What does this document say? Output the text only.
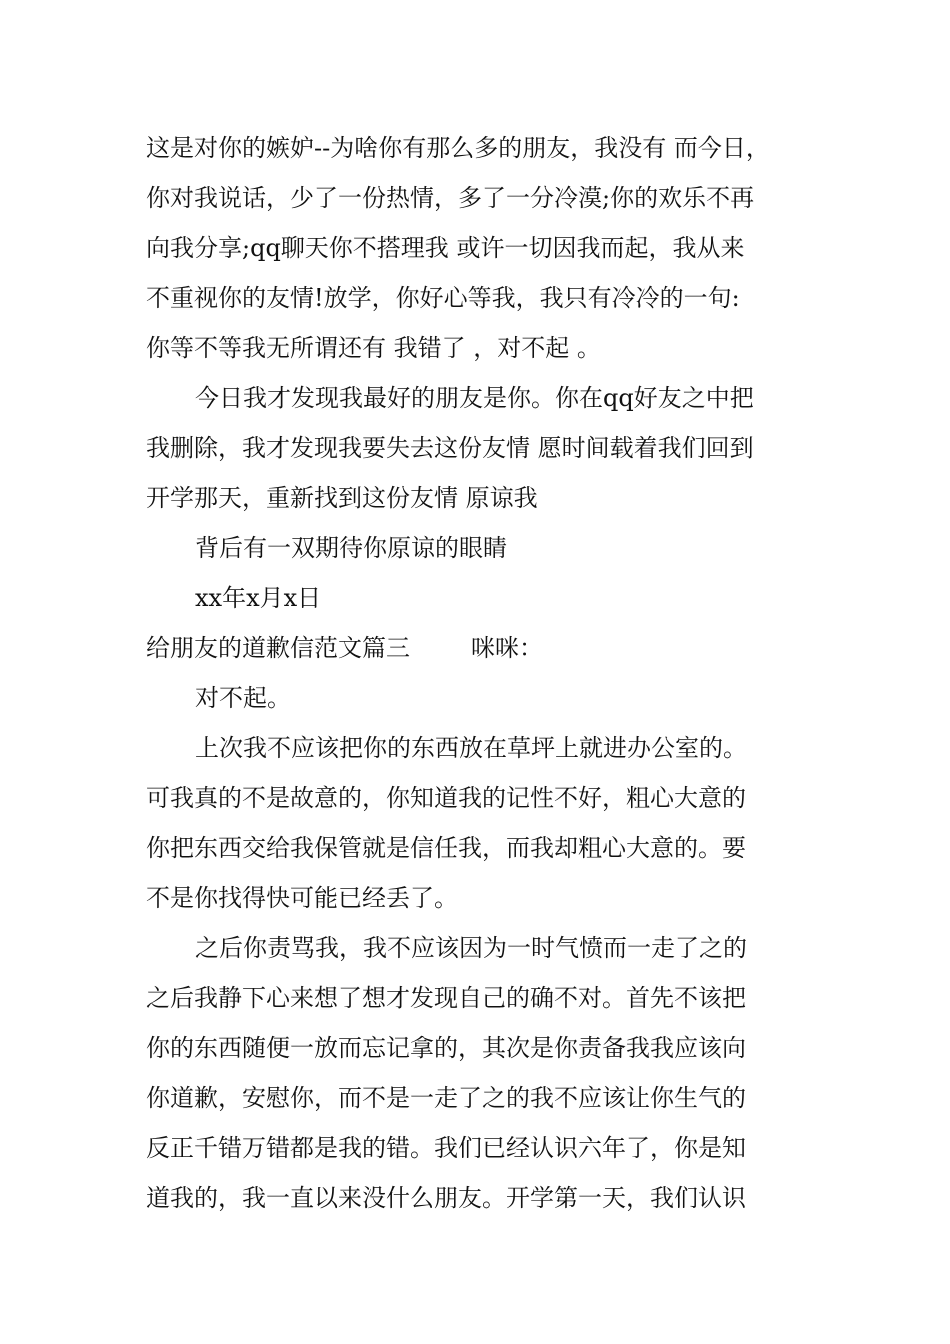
这是对你的嫉妒--为啥你有那么多的朋友，我没有 而今日，
你对我说话，少了一份热情，多了一分冷漠;你的欢乐不再
向我分享;qq聊天你不搭理我 或许一切因我而起，我从来
不重视你的友情!放学，你好心等我，我只有冷冷的一句:
你等不等我无所谓还有 我错了 ，对不起 。
今日我才发现我最好的朋友是你。你在qq好友之中把
我删除，我才发现我要失去这份友情 愿时间载着我们回到
开学那天，重新找到这份友情 原谅我
背后有一双期待你原谅的眼睛
xx年x月x日
给朋友的道歉信范文篇三        咪咪：
对不起。
上次我不应该把你的东西放在草坪上就进办公室的。
可我真的不是故意的，你知道我的记性不好，粗心大意的
你把东西交给我保管就是信任我，而我却粗心大意的。要
不是你找得快可能已经丢了。
之后你责骂我，我不应该因为一时气愤而一走了之的
之后我静下心来想了想才发现自己的确不对。首先不该把
你的东西随便一放而忘记拿的，其次是你责备我我应该向
你道歉，安慰你，而不是一走了之的我不应该让你生气的
反正千错万错都是我的错。我们已经认识六年了，你是知
道我的，我一直以来没什么朋友。开学第一天，我们认识
